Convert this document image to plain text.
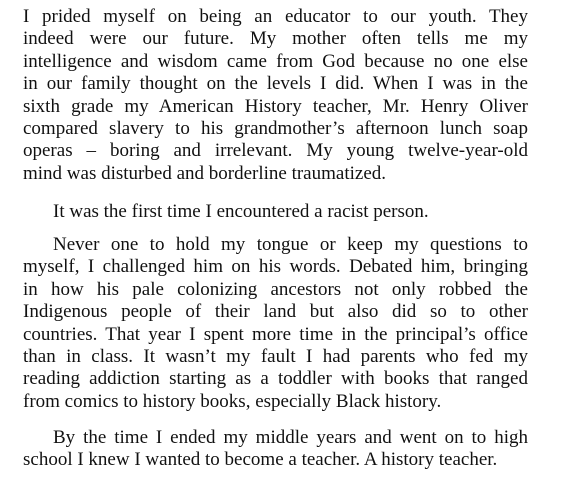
I prided myself on being an educator to our youth. They
indeed were our future. My mother often tells me my
intelligence and wisdom came from God because no one else
in our family thought on the levels I did. When I was in the
sixth grade my American History teacher, Mr. Henry Oliver
compared slavery to his grandmother’s afternoon lunch soap
operas – boring and irrelevant. My young twelve-year-old
mind was disturbed and borderline traumatized.
It was the first time I encountered a racist person.
Never one to hold my tongue or keep my questions to
myself, I challenged him on his words. Debated him, bringing
in how his pale colonizing ancestors not only robbed the
Indigenous people of their land but also did so to other
countries. That year I spent more time in the principal’s office
than in class. It wasn’t my fault I had parents who fed my
reading addiction starting as a toddler with books that ranged
from comics to history books, especially Black history.
By the time I ended my middle years and went on to high
school I knew I wanted to become a teacher. A history teacher.
